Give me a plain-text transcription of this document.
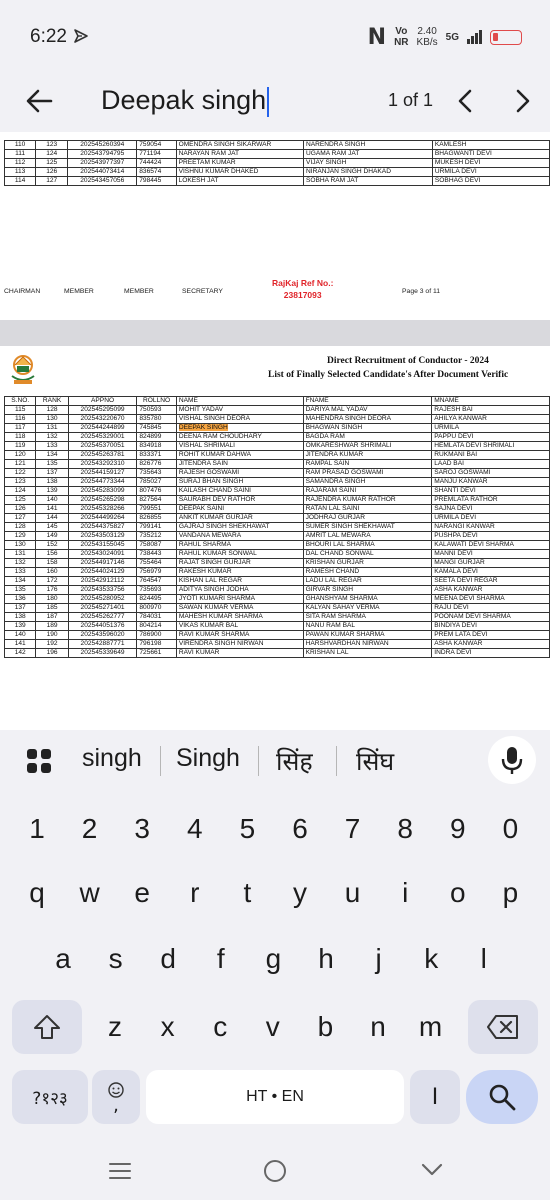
6:22	N Vo
NR
2.40
KB/s 5G
Deepak singh	1 of 1
110	123	202545260394	759054	OMENDRA SINGH SIKARWAR	NARENDRA SINGH	KAMLESH
111	124	202543794795	771194	NARAYAN RAM JAT	UGAMA RAM JAT	BHAGWANTI DEVI
112	125	202543977397	744424	PREETAM KUMAR	VIJAY SINGH	MUKESH DEVI
113	126	202544073414	836574	VISHNU KUMAR DHAKED	NIRANJAN SINGH DHAKAD	URMILA DEVI
114	127	202543457056	798445	LOKESH JAT	SOBHA RAM JAT	SOBHAG DEVI
CHAIRMAN	MEMBER	MEMBER	SECRETARY
RajKaj Ref No.:
23817093	Page 3 of 11
Direct Recruitment of Conductor - 2024
List of Finally Selected Candidate's After Document Verific
S.NO.	RANK	APPNO	ROLLNO	NAME	FNAME	MNAME
115	128	202545295099	750593	MOHIT YADAV	DARIYA MAL YADAV	RAJESH BAI
116	130	202543220670	835780	VISHAL SINGH DEORA	MAHENDRA SINGH DEORA	AHILYA KANWAR
117	131	202544244899	745845	DEEPAK SINGH	BHAGWAN SINGH	URMILA
118	132	202545329001	824899	DEENA RAM CHOUDHARY	BAGDA RAM	PAPPU DEVI
119	133	202545370051	834918	VISHAL SHRIMALI	OMKARESHWAR SHRIMALI	HEMLATA DEVI SHRIMALI
120	134	202545263781	833371	ROHIT KUMAR DAHWA	JITENDRA KUMAR	RUKMANI BAI
121	135	202543292310	826776	JITENDRA SAIN	RAMPAL SAIN	LAAD BAI
122	137	202544159127	735643	RAJESH GOSWAMI	RAM PRASAD GOSWAMI	SAROJ GOSWAMI
123	138	202544773344	785027	SURAJ BHAN SINGH	SAMANDRA SINGH	MANJU KANWAR
124	139	202545283099	807476	KAILASH CHAND SAINI	RAJARAM SAINI	SHANTI DEVI
125	140	202545265298	827564	SAURABH DEV RATHOR	RAJENDRA KUMAR RATHOR	PREMLATA RATHOR
126	141	202545328266	799551	DEEPAK SAINI	RATAN LAL SAINI	SAJNA DEVI
127	144	202544499264	826855	ANKIT KUMAR GURJAR	JODHRAJ GURJAR	URMILA DEVI
128	145	202544375827	799141	GAJRAJ SINGH SHEKHAWAT	SUMER SINGH SHEKHAWAT	NARANGI KANWAR
129	149	202543503129	735212	VANDANA MEWARA	AMRIT LAL MEWARA	PUSHPA DEVI
130	152	202543155045	758087	RAHUL SHARMA	BHOURI LAL SHARMA	KALAWATI DEVI SHARMA
131	156	202543024091	738443	RAHUL KUMAR SONWAL	DAL CHAND SONWAL	MANNI DEVI
132	158	202544917146	755464	RAJAT SINGH GURJAR	KRISHAN GURJAR	MANGI GURJAR
133	160	202544024129	756979	RAKESH KUMAR	RAMESH CHAND	KAMALA DEVI
134	172	202542912112	764547	KISHAN LAL REGAR	LADU LAL REGAR	SEETA DEVI REGAR
135	176	202543533756	735693	ADITYA SINGH JODHA	GIRVAR SINGH	ASHA KANWAR
136	180	202545280952	824495	JYOTI KUMARI SHARMA	GHANSHYAM SHARMA	MEENA DEVI SHARMA
137	185	202545271401	800970	SAWAN KUMAR VERMA	KALYAN SAHAY VERMA	RAJU DEVI
138	187	202545262777	784031	MAHESH KUMAR SHARMA	SITA RAM SHARMA	POONAM DEVI SHARMA
139	189	202544051376	804214	VIKAS KUMAR BAL	NANU RAM BAL	BINDIYA DEVI
140	190	202543596020	786900	RAVI KUMAR SHARMA	PAWAN KUMAR SHARMA	PREM LATA DEVI
141	192	202542887771	796198	VIRENDRA SINGH NIRWAN	HARSHVARDHAN NIRWAN	ASHA KANWAR
142	196	202545339649	725661	RAVI KUMAR	KRISHAN LAL	INDRA DEVI
singh Singh सिंह सिंघ
?१२३	,	HT • EN	I
1	2	3	4	5	6	7	8	9	0
q	w	e	r	t	y	u	i	o	p
a	s	d	f	g	h	j	k	l
z	x	c	v	b	n	m
